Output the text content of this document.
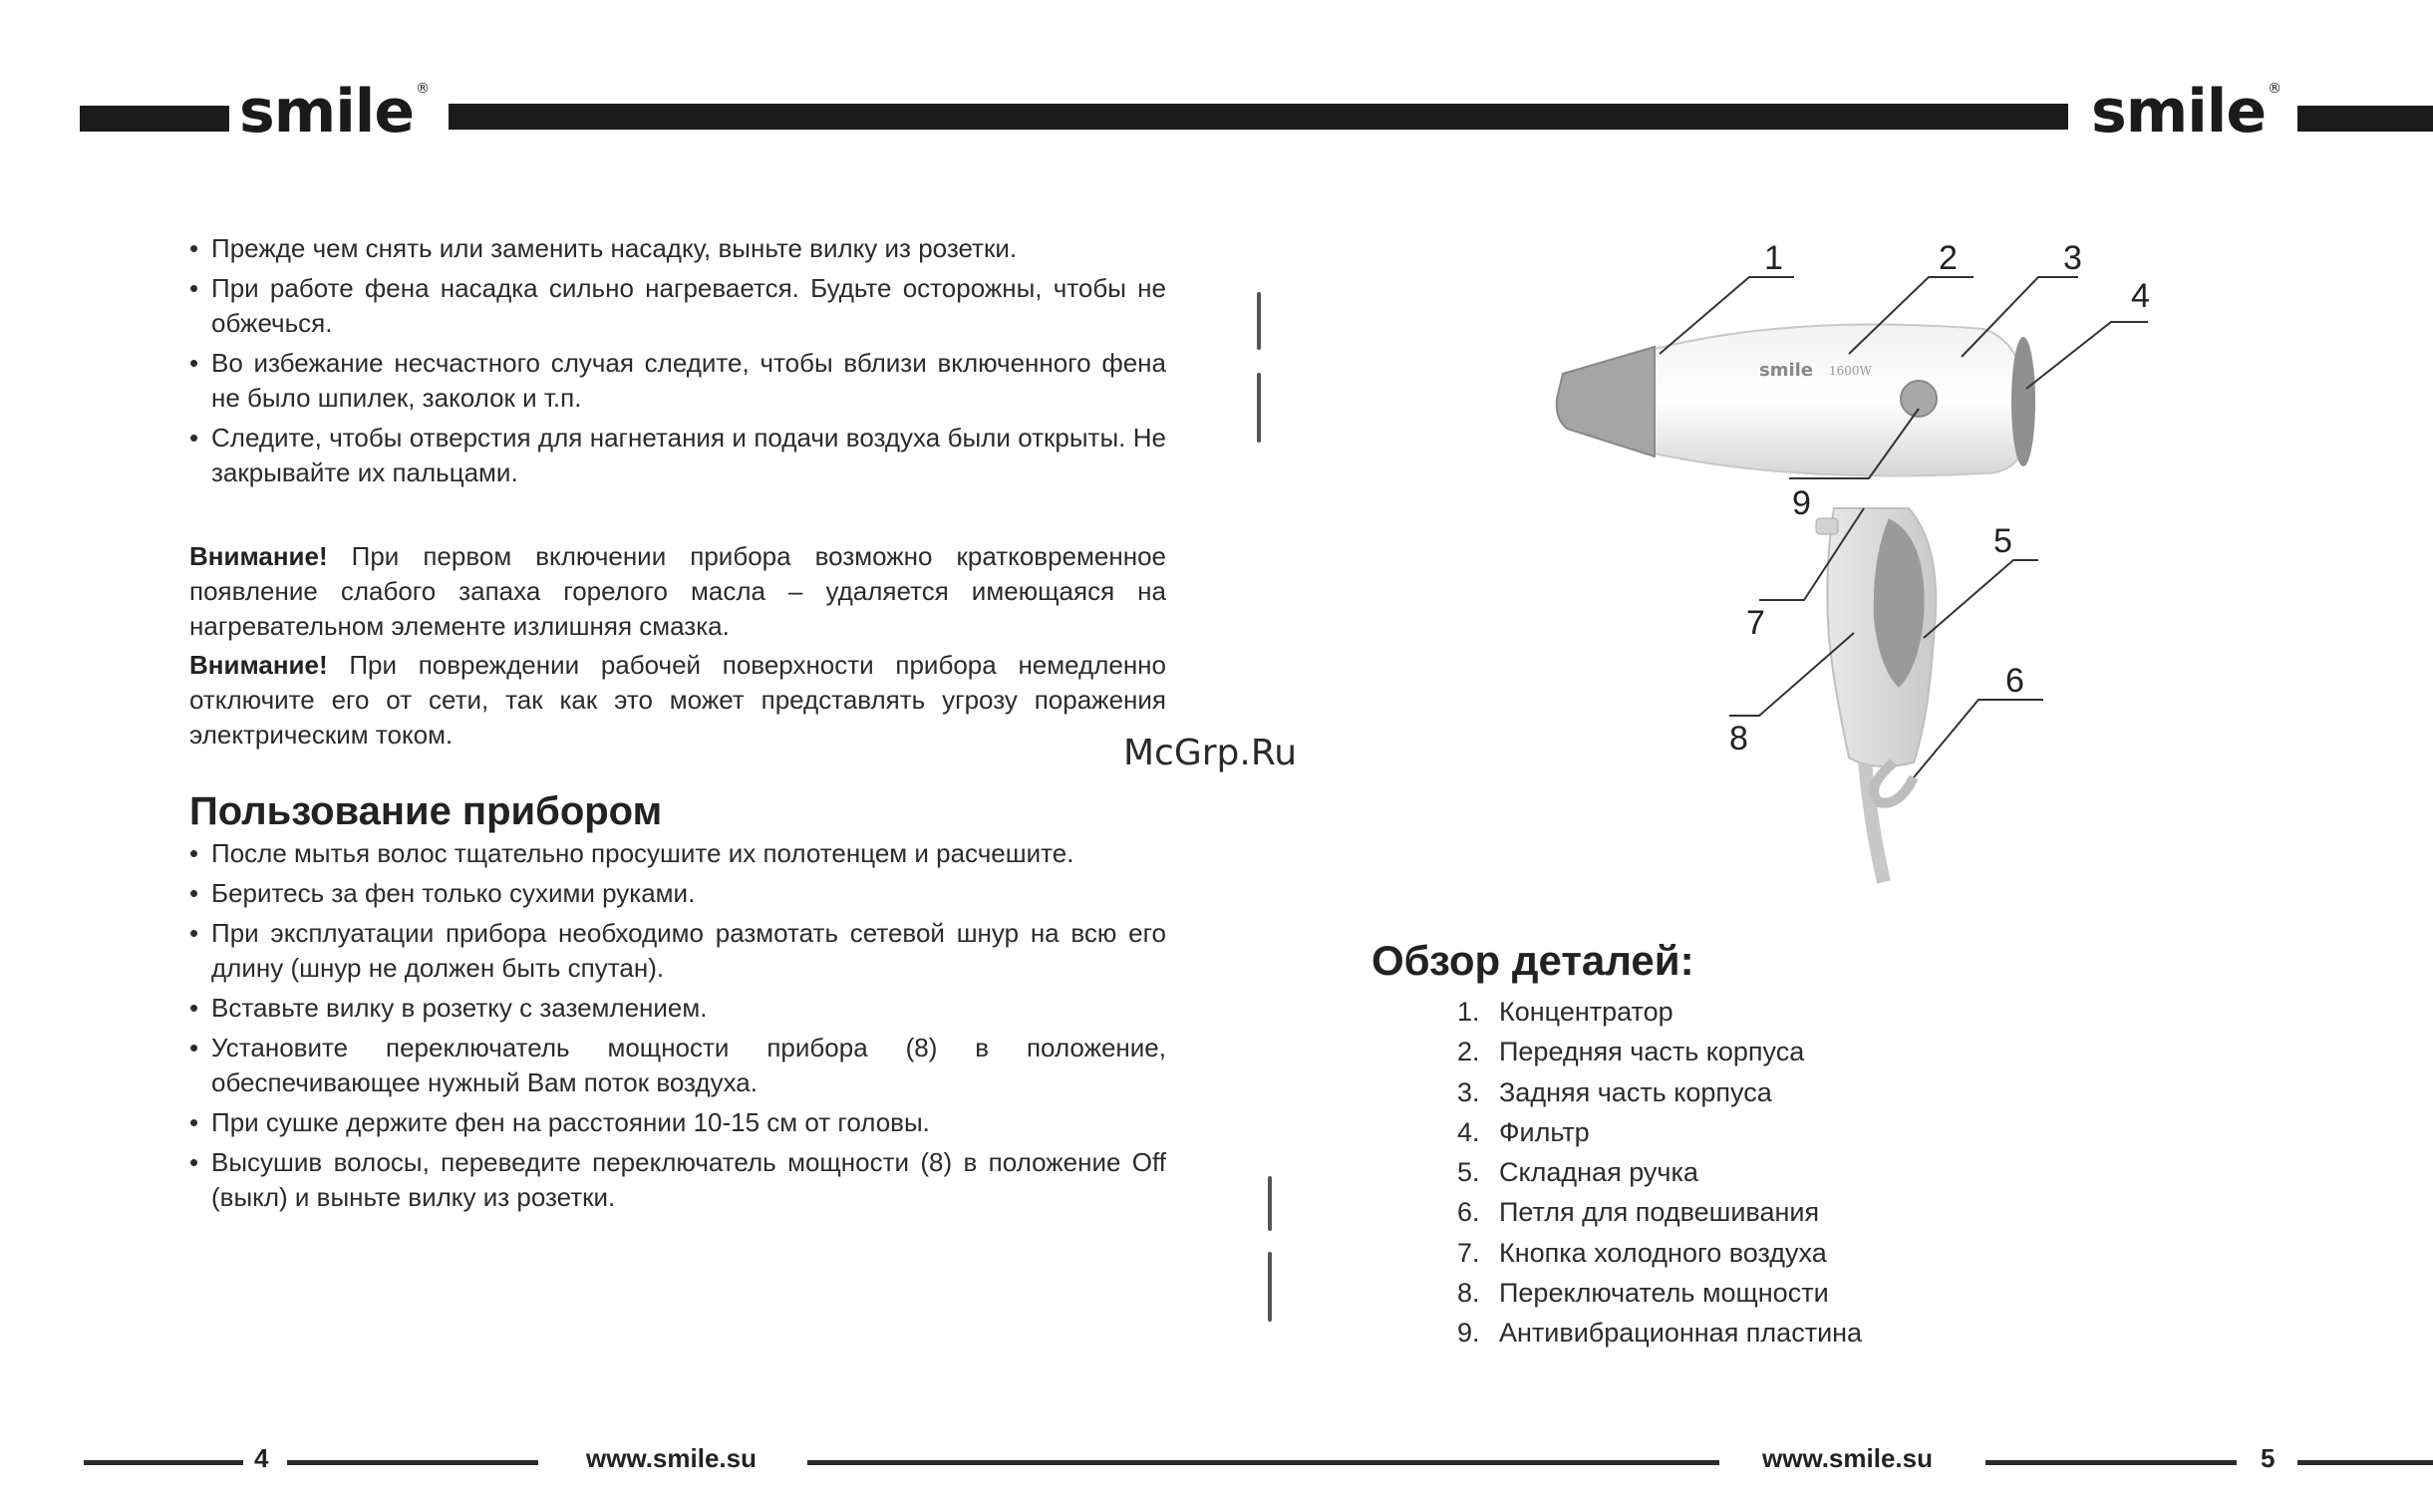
smile ®	smile ®
• Прежде чем снять или заменить насадку, выньте вилку из розетки.
• При работе фена насадка сильно нагревается. Будьте осторожны, чтобы не обжечься.
• Во избежание несчастного случая следите, чтобы вблизи включенного фена не было шпилек, заколок и т.п.
• Следите, чтобы отверстия для нагнетания и подачи воздуха были открыты. Не закрывайте их пальцами.

Внимание! При первом включении прибора возможно кратковременное появление слабого запаха горелого масла – удаляется имеющаяся на нагревательном элементе излишняя смазка.

Внимание! При повреждении рабочей поверхности прибора немедленно отключите его от сети, так как это может представлять угрозу поражения электрическим током.

Пользование прибором
• После мытья волос тщательно просушите их полотенцем и расчешите.
• Беритесь за фен только сухими руками.
• При эксплуатации прибора необходимо размотать сетевой шнур на всю его длину (шнур не должен быть спутан).
• Вставьте вилку в розетку с заземлением.
• Установите переключатель мощности прибора (8) в положение, обеспечивающее нужный Вам поток воздуха.
• При сушке держите фен на расстоянии 10-15 см от головы.
• Высушив волосы, переведите переключатель мощности (8) в положение Off (выкл) и выньте вилку из розетки.
McGrp.Ru
smile 1600W
1	2	3
4
9
7
5
8
6
Обзор деталей:
1. Концентратор
2. Передняя часть корпуса
3. Задняя часть корпуса
4. Фильтр
5. Складная ручка
6. Петля для подвешивания
7. Кнопка холодного воздуха
8. Переключатель мощности
9. Антивибрационная пластина
4	www.smile.su	www.smile.su	5
